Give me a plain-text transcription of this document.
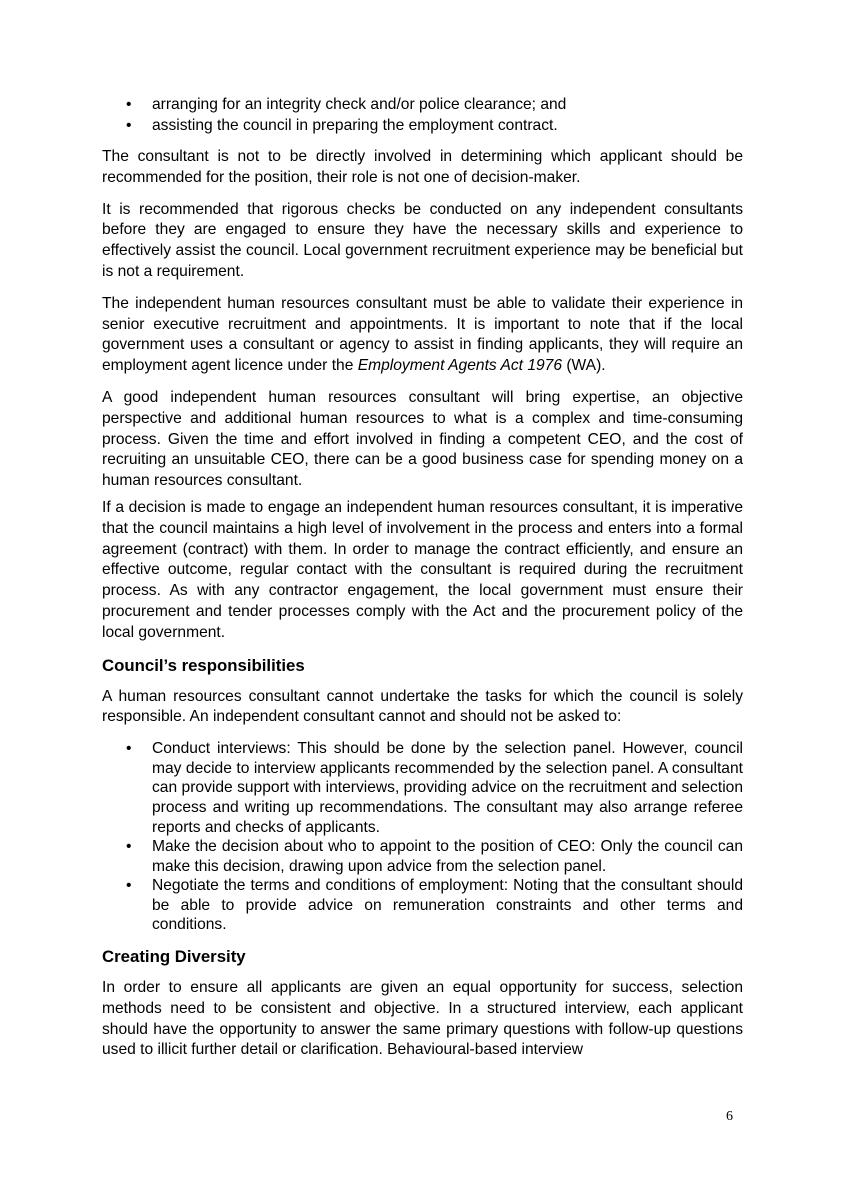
• arranging for an integrity check and/or police clearance; and
• assisting the council in preparing the employment contract.

The consultant is not to be directly involved in determining which applicant should be recommended for the position, their role is not one of decision-maker.

It is recommended that rigorous checks be conducted on any independent consultants before they are engaged to ensure they have the necessary skills and experience to effectively assist the council. Local government recruitment experience may be beneficial but is not a requirement.

The independent human resources consultant must be able to validate their experience in senior executive recruitment and appointments. It is important to note that if the local government uses a consultant or agency to assist in finding applicants, they will require an employment agent licence under the Employment Agents Act 1976 (WA).

A good independent human resources consultant will bring expertise, an objective perspective and additional human resources to what is a complex and time-consuming process. Given the time and effort involved in finding a competent CEO, and the cost of recruiting an unsuitable CEO, there can be a good business case for spending money on a human resources consultant.

If a decision is made to engage an independent human resources consultant, it is imperative that the council maintains a high level of involvement in the process and enters into a formal agreement (contract) with them. In order to manage the contract efficiently, and ensure an effective outcome, regular contact with the consultant is required during the recruitment process. As with any contractor engagement, the local government must ensure their procurement and tender processes comply with the Act and the procurement policy of the local government.

Council’s responsibilities

A human resources consultant cannot undertake the tasks for which the council is solely responsible. An independent consultant cannot and should not be asked to:

• Conduct interviews: This should be done by the selection panel. However, council may decide to interview applicants recommended by the selection panel. A consultant can provide support with interviews, providing advice on the recruitment and selection process and writing up recommendations. The consultant may also arrange referee reports and checks of applicants.
• Make the decision about who to appoint to the position of CEO: Only the council can make this decision, drawing upon advice from the selection panel.
• Negotiate the terms and conditions of employment: Noting that the consultant should be able to provide advice on remuneration constraints and other terms and conditions.
Creating Diversity

In order to ensure all applicants are given an equal opportunity for success, selection methods need to be consistent and objective. In a structured interview, each applicant should have the opportunity to answer the same primary questions with follow-up questions used to illicit further detail or clarification. Behavioural-based interview

6
